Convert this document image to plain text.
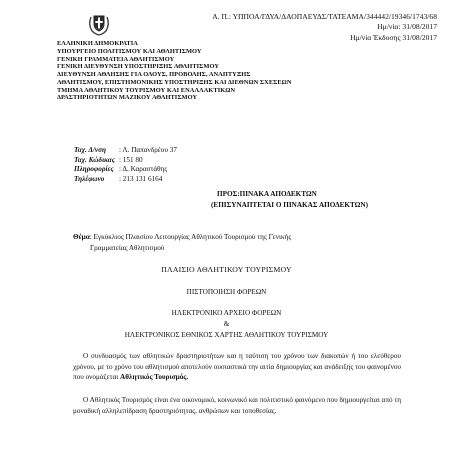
Α. Π.: ΥΠΠΟΑ/ΓΔΥΑ/ΔΑΟΠΑΕΥΔΣ/ΤΑΤΕΑΜΑ/344442/19346/1743/68
Ημ/νία: 31/08/2017
Ημ/νία Έκδοσης 31/08/2017
ΕΛΛΗΝΙΚΗ ΔΗΜΟΚΡΑΤΙΑ
ΥΠΟΥΡΓΕΙΟ ΠΟΛΙΤΙΣΜΟΥ ΚΑΙ ΑΘΛΗΤΙΣΜΟΥ
ΓΕΝΙΚΗ ΓΡΑΜΜΑΤΕΙΑ ΑΘΛΗΤΙΣΜΟΥ
ΓΕΝΙΚΗ ΔΙΕΥΘΥΝΣΗ ΥΠΟΣΤΗΡΙΞΗΣ ΑΘΛΗΤΙΣΜΟΥ
ΔΙΕΥΘΥΝΣΗ ΑΘΛΗΣΗΣ ΓΙΑ ΟΛΟΥΣ, ΠΡΟΒΟΛΗΣ, ΑΝΑΠΤΥΞΗΣ
ΑΘΛΗΤΙΣΜΟΥ, ΕΠΙΣΤΗΜΟΝΙΚΗΣ ΥΠΟΣΤΗΡΙΞΗΣ ΚΑΙ ΔΙΕΘΝΩΝ ΣΧΕΣΕΩΝ
ΤΜΗΜΑ ΑΘΛΗΤΙΚΟΥ ΤΟΥΡΙΣΜΟΥ ΚΑΙ ΕΝΑΛΛΑΚΤΙΚΩΝ
ΔΡΑΣΤΗΡΙΟΤΗΤΩΝ ΜΑΖΙΚΟΥ ΑΘΛΗΤΙΣΜΟΥ
Ταχ. Δ/νση : Λ. Παπανδρέου 37
Ταχ. Κώδικας : 151 80
Πληροφορίες : Δ. Καραστάθης
Τηλέφωνο : 213 131 6164
ΠΡΟΣ:ΠΙΝΑΚΑ ΑΠΟΔΕΚΤΩΝ
(ΕΠΙΣΥΝΑΠΤΕΤΑΙ Ο ΠΙΝΑΚΑΣ ΑΠΟΔΕΚΤΩΝ)
Θέμα: Εγκύκλιος Πλαισίου Λειτουργίας Αθλητικού Τουρισμού της Γενικής
Γραμματείας Αθλητισμού
ΠΛΑΙΣΙΟ ΑΘΛΗΤΙΚΟΥ ΤΟΥΡΙΣΜΟΥ
ΠΙΣΤΟΠΟΙΗΣΗ ΦΟΡΕΩΝ
ΗΛΕΚΤΡΟΝΙΚΟ ΑΡΧΕΙΟ ΦΟΡΕΩΝ
&
ΗΛΕΚΤΡΟΝΙΚΟΣ ΕΘΝΙΚΟΣ ΧΑΡΤΗΣ ΑΘΛΗΤΙΚΟΥ ΤΟΥΡΙΣΜΟΥ
Ο συνδυασμός των αθλητικών δραστηριοτήτων και η ταύτιση του χρόνου των διακοπών ή του ελεύθερου χρόνου, με το χρόνο του αθλητισμού αποτελούν ουσιαστικά την αιτία δημιουργίας και ανάδειξης του φαινομένου που ονομάζεται Αθλητικός Τουρισμός.
Ο Αθλητικός Τουρισμός είναι ένα οικονομικό, κοινωνικό και πολιτιστικό φαινόμενο που δημιουργείται από τη μοναδική αλληλεπίδραση δραστηριότητας, ανθρώπων και τοποθεσίας.
